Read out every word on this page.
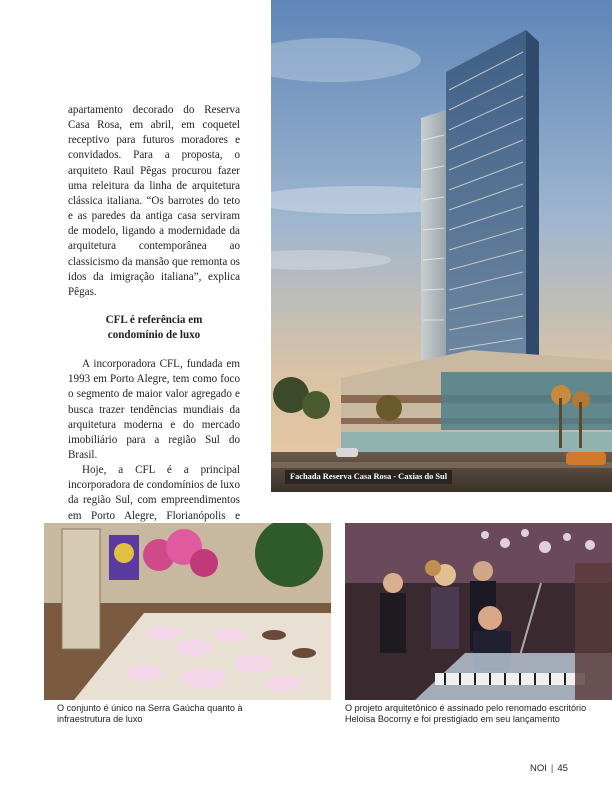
apartamento decorado do Reserva Casa Rosa, em abril, em coquetel receptivo para futuros moradores e convidados. Para a proposta, o arquiteto Raul Pêgas procurou fazer uma releitura da linha de arquitetura clássica italiana. “Os barrotes do teto e as paredes da antiga casa serviram de modelo, ligando a modernidade da arquitetura contemporânea ao classicismo da mansão que remonta os idos da imigração italiana”, explica Pêgas.

CFL é referência em
condomínio de luxo

A incorporadora CFL, fundada em 1993 em Porto Alegre, tem como foco o segmento de maior valor agregado e busca trazer tendências mundiais da arquitetura moderna e do mercado imobiliário para a região Sul do Brasil.

Hoje, a CFL é a principal incorporadora de condomínios de luxo da região Sul, com empreendimentos em Porto Alegre, Florianópolis e

Fachada Reserva Casa Rosa - Caxias do Sul
O conjunto é único na Serra Gaúcha quanto à infraestrutura de luxo
O projeto arquitetônico é assinado pelo renomado escritório Heloisa Bocorny e foi prestigiado em seu lançamento
NOI | 45
